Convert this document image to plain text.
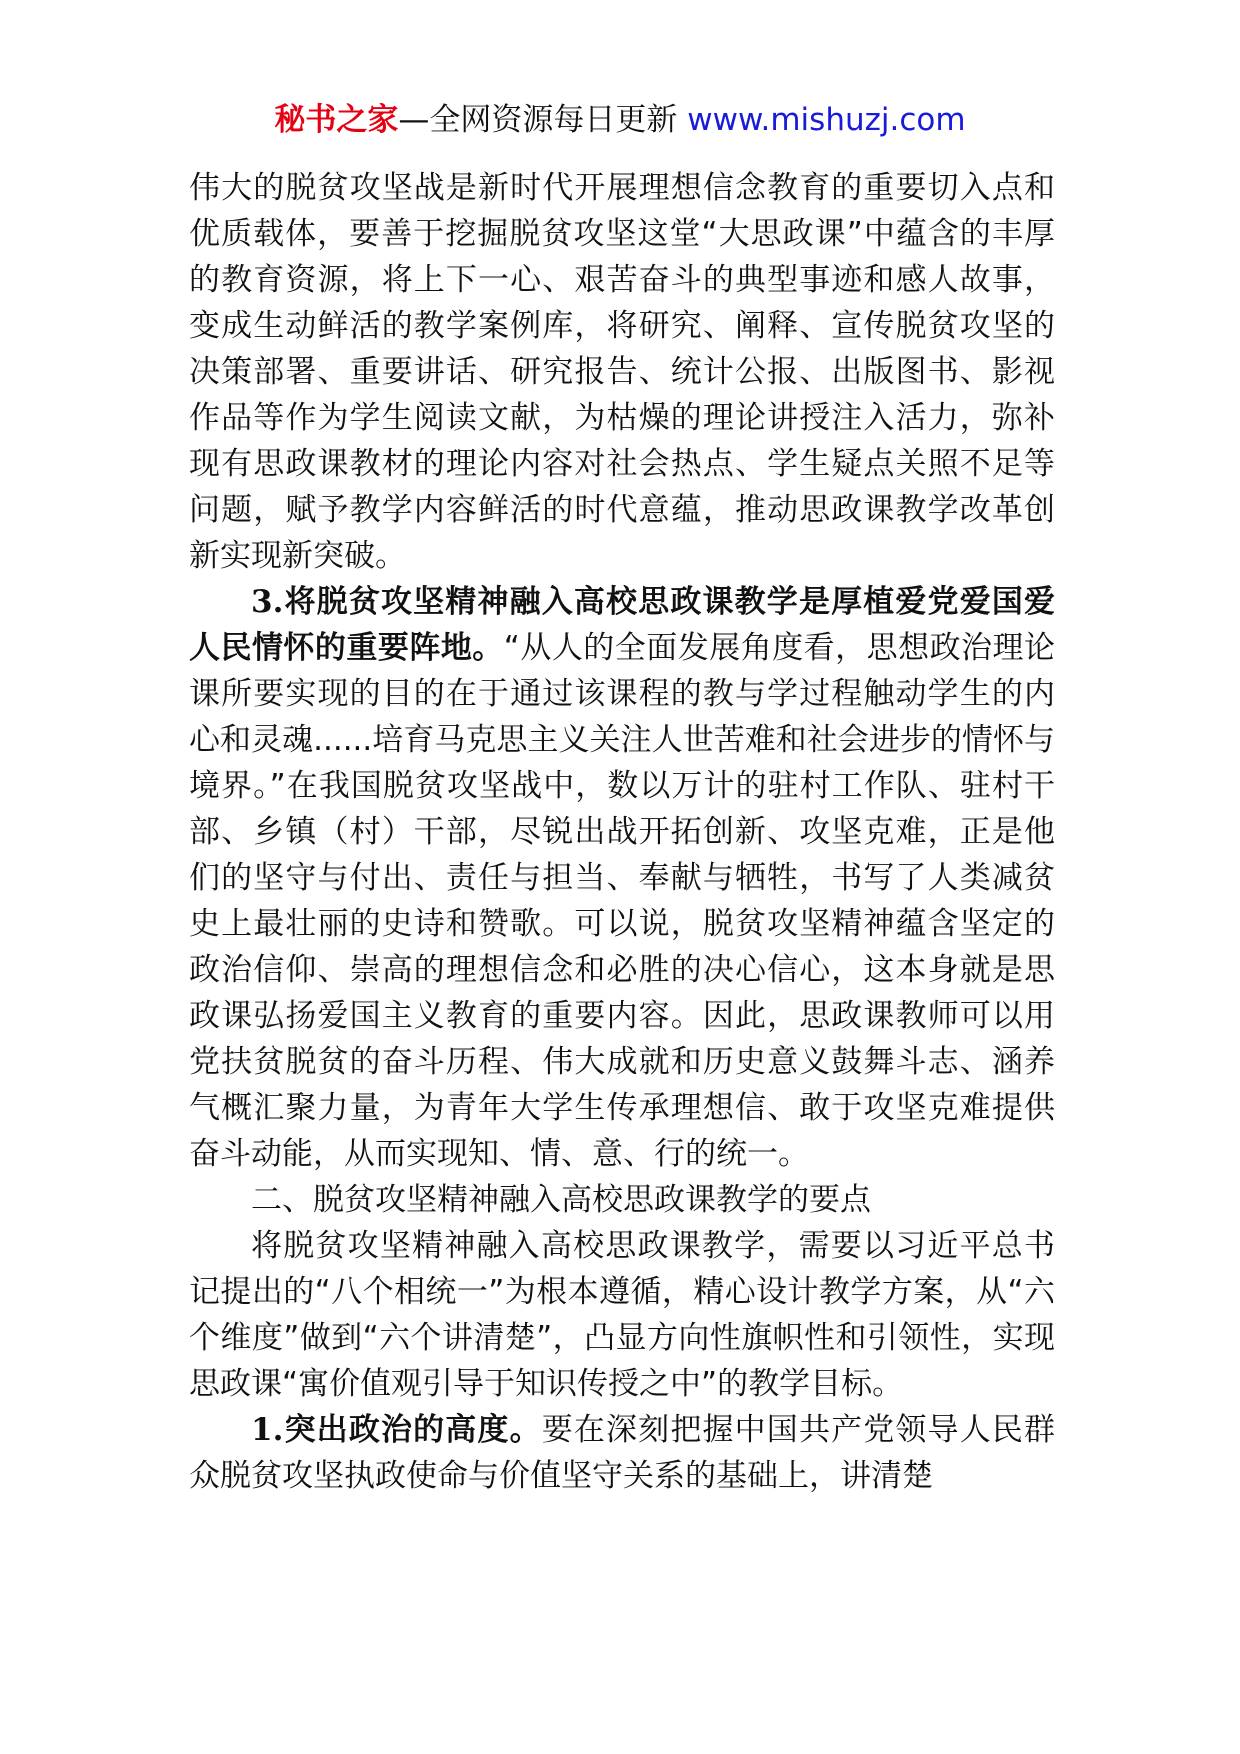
秘书之家—全网资源每日更新 www.mishuzj.com

伟大的脱贫攻坚战是新时代开展理想信念教育的重要切入点和优质载体，要善于挖掘脱贫攻坚这堂“大思政课”中蕴含的丰厚的教育资源，将上下一心、艰苦奋斗的典型事迹和感人故事，变成生动鲜活的教学案例库，将研究、阐释、宣传脱贫攻坚的决策部署、重要讲话、研究报告、统计公报、出版图书、影视作品等作为学生阅读文献，为枯燥的理论讲授注入活力，弥补现有思政课教材的理论内容对社会热点、学生疑点关照不足等问题，赋予教学内容鲜活的时代意蕴，推动思政课教学改革创新实现新突破。

3.将脱贫攻坚精神融入高校思政课教学是厚植爱党爱国爱人民情怀的重要阵地。“从人的全面发展角度看，思想政治理论课所要实现的目的在于通过该课程的教与学过程触动学生的内心和灵魂......培育马克思主义关注人世苦难和社会进步的情怀与境界。”在我国脱贫攻坚战中，数以万计的驻村工作队、驻村干部、乡镇（村）干部，尽锐出战开拓创新、攻坚克难，正是他们的坚守与付出、责任与担当、奉献与牺牲，书写了人类减贫史上最壮丽的史诗和赞歌。可以说，脱贫攻坚精神蕴含坚定的政治信仰、崇高的理想信念和必胜的决心信心，这本身就是思政课弘扬爱国主义教育的重要内容。因此，思政课教师可以用党扶贫脱贫的奋斗历程、伟大成就和历史意义鼓舞斗志、涵养气概汇聚力量，为青年大学生传承理想信、敢于攻坚克难提供奋斗动能，从而实现知、情、意、行的统一。

二、脱贫攻坚精神融入高校思政课教学的要点

将脱贫攻坚精神融入高校思政课教学，需要以习近平总书记提出的“八个相统一”为根本遵循，精心设计教学方案，从“六个维度”做到“六个讲清楚”，凸显方向性旗帜性和引领性，实现思政课“寓价值观引导于知识传授之中”的教学目标。

1.突出政治的高度。要在深刻把握中国共产党领导人民群众脱贫攻坚执政使命与价值坚守关系的基础上，讲清楚
